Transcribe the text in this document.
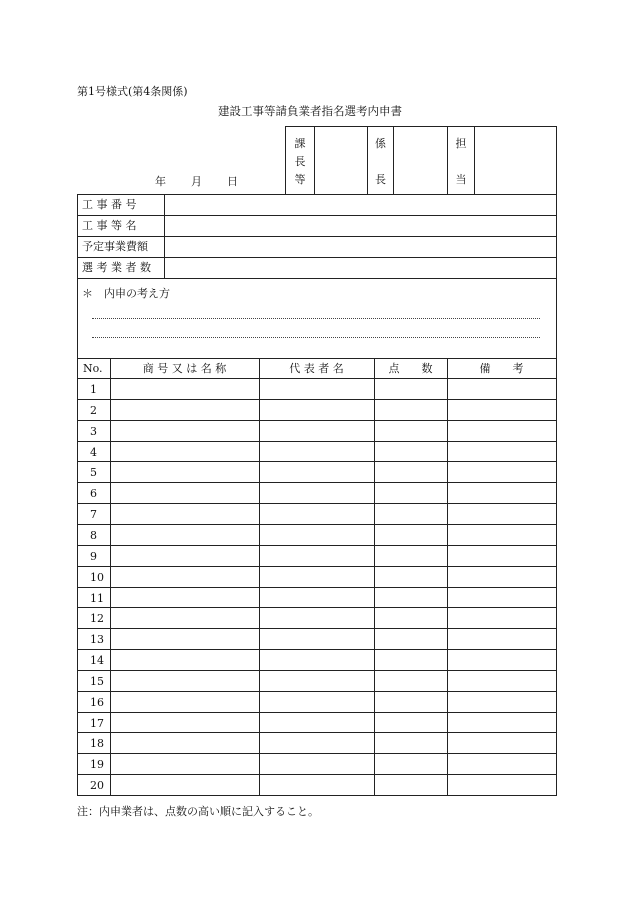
第1号様式(第4条関係)
建設工事等請負業者指名選考内申書
年 月 日
課
長
等
係
長
担
当
工 事 番 号
工 事 等 名
予定事業費額
選 考 業 者 数
＊　内申の考え方
No.	商 号 又 は 名 称	代 表 者 名	点　　数	備　　考
1
2
3
4
5
6
7
8
9
10
11
12
13
14
15
16
17
18
19
20
注：内申業者は、点数の高い順に記入すること。
